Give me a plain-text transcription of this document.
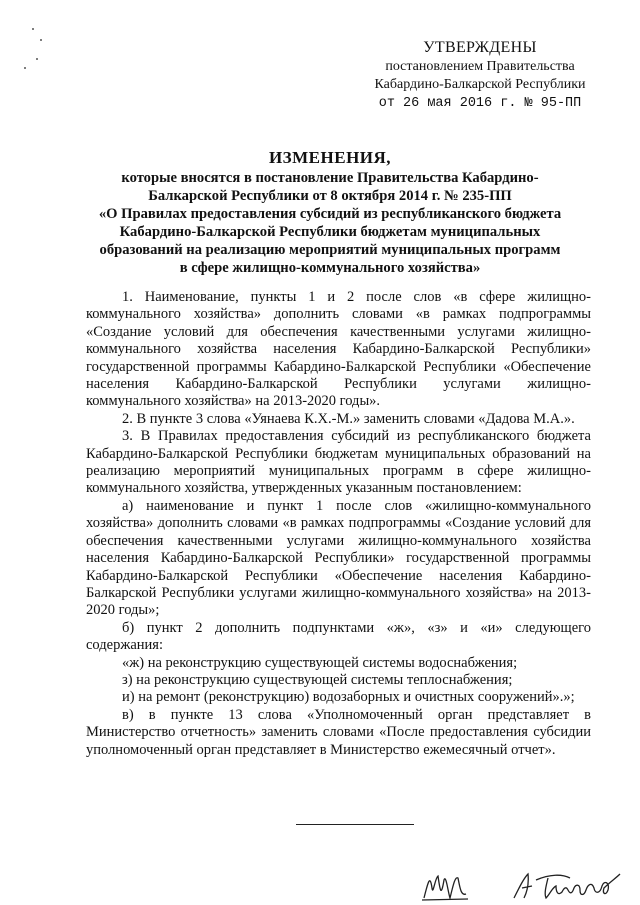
УТВЕРЖДЕНЫ
постановлением Правительства
Кабардино-Балкарской Республики
от 26 мая 2016 г. № 95-ПП
ИЗМЕНЕНИЯ,
которые вносятся в постановление Правительства Кабардино-
Балкарской Республики от 8 октября 2014 г. № 235-ПП
«О Правилах предоставления субсидий из республиканского бюджета
Кабардино-Балкарской Республики бюджетам муниципальных
образований на реализацию мероприятий муниципальных программ
в сфере жилищно-коммунального хозяйства»

1. Наименование, пункты 1 и 2 после слов «в сфере жилищно-коммунального хозяйства» дополнить словами «в рамках подпрограммы «Создание условий для обеспечения качественными услугами жилищно-коммунального хозяйства населения Кабардино-Балкарской Республики» государственной программы Кабардино-Балкарской Республики «Обеспечение населения Кабардино-Балкарской Республики услугами жилищно-коммунального хозяйства» на 2013-2020 годы».

2. В пункте 3 слова «Уянаева К.Х.-М.» заменить словами «Дадова М.А.».

3. В Правилах предоставления субсидий из республиканского бюджета Кабардино-Балкарской Республики бюджетам муниципальных образований на реализацию мероприятий муниципальных программ в сфере жилищно-коммунального хозяйства, утвержденных указанным постановлением:

а) наименование и пункт 1 после слов «жилищно-коммунального хозяйства» дополнить словами «в рамках подпрограммы «Создание условий для обеспечения качественными услугами жилищно-коммунального хозяйства населения Кабардино-Балкарской Республики» государственной программы Кабардино-Балкарской Республики «Обеспечение населения Кабардино-Балкарской Республики услугами жилищно-коммунального хозяйства» на 2013-2020 годы»;

б) пункт 2 дополнить подпунктами «ж», «з» и «и» следующего содержания:

«ж) на реконструкцию существующей системы водоснабжения;

з) на реконструкцию существующей системы теплоснабжения;

и) на ремонт (реконструкцию) водозаборных и очистных сооружений».»;

в) в пункте 13 слова «Уполномоченный орган представляет в Министерство отчетность» заменить словами «После предоставления субсидии уполномоченный орган представляет в Министерство ежемесячный отчет».
